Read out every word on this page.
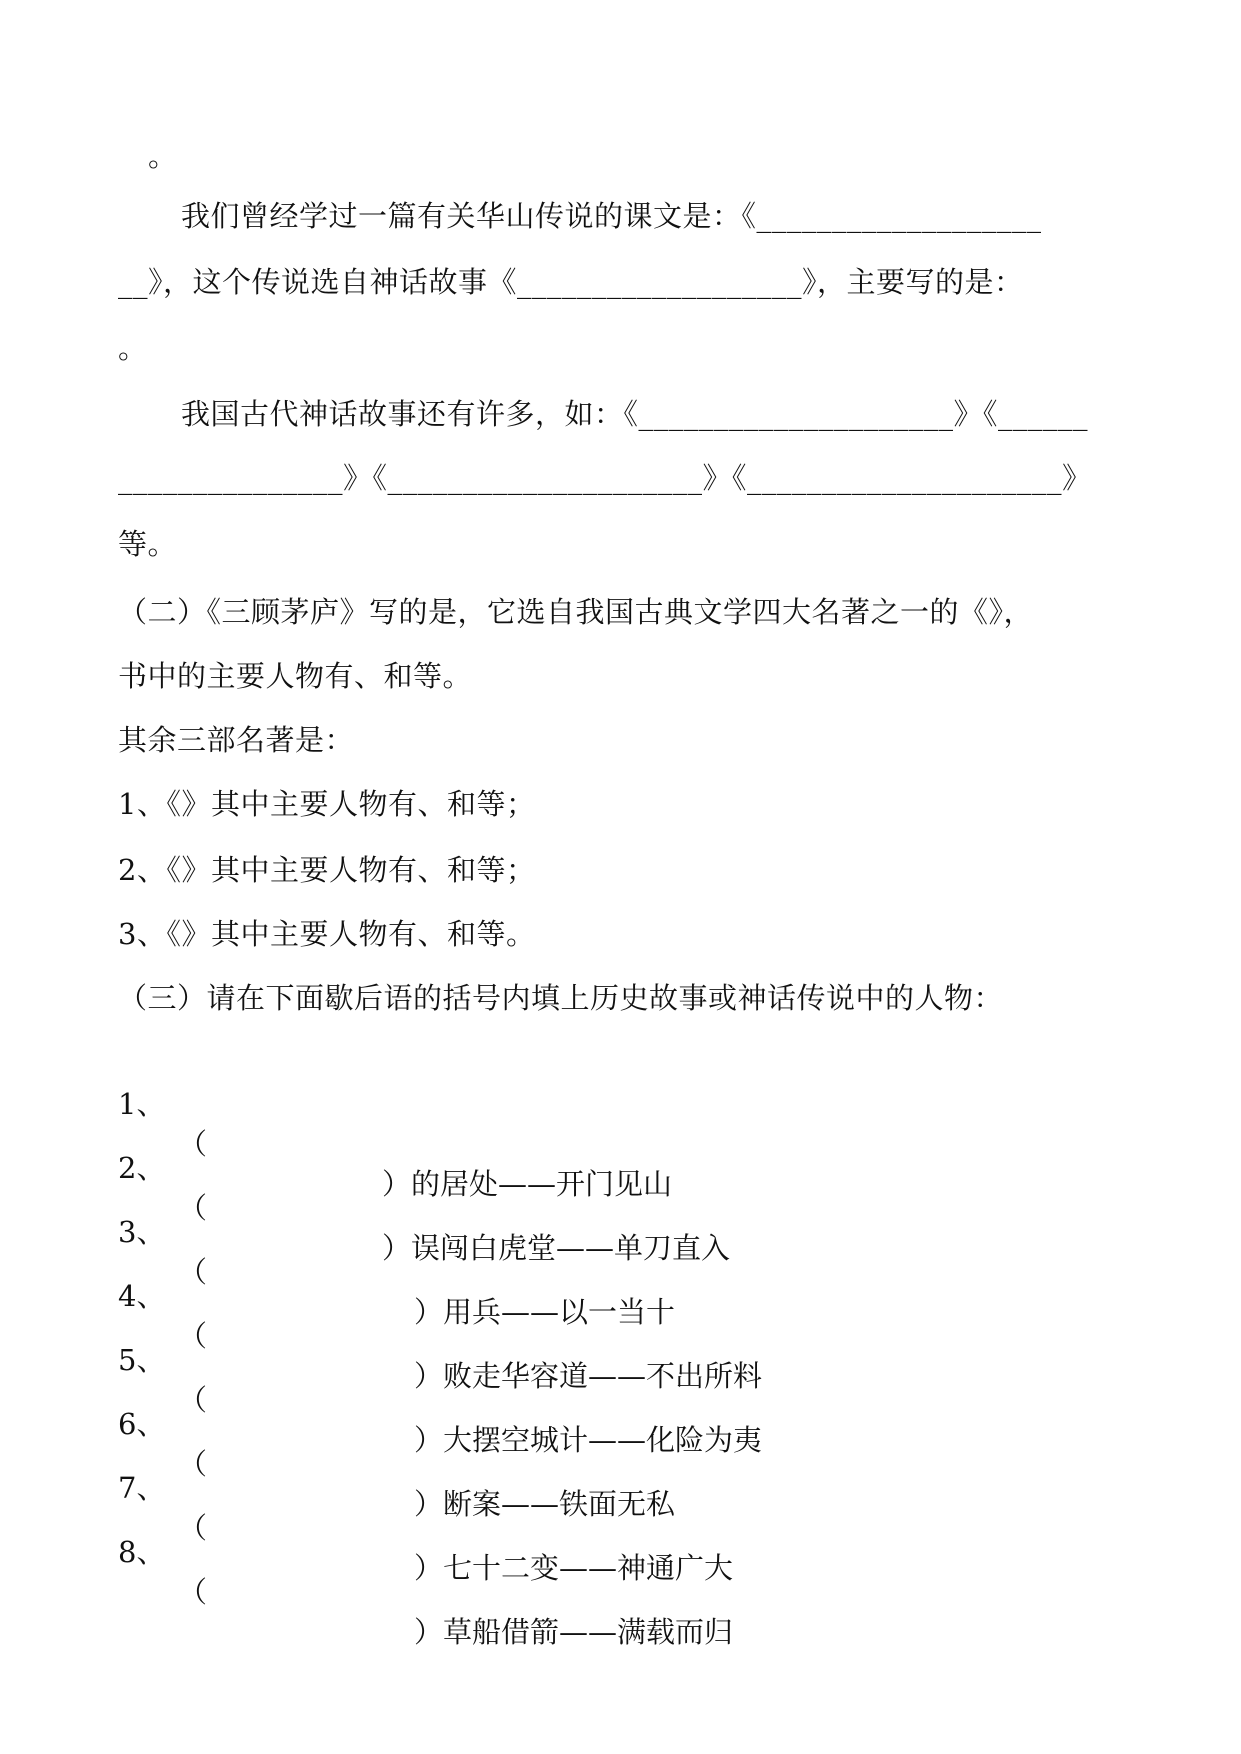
。
我们曾经学过一篇有关华山传说的课文是：《___________________
__》，这个传说选自神话故事《___________________》，主要写的是：
。
我国古代神话故事还有许多，如：《_____________________》《______
_______________》《_____________________》《_____________________》
等。
（二）《三顾茅庐》写的是，它选自我国古典文学四大名著之一的《》，
书中的主要人物有、和等。
其余三部名著是：
1、《》其中主要人物有、和等；
2、《》其中主要人物有、和等；
3、《》其中主要人物有、和等。
（三）请在下面歇后语的括号内填上历史故事或神话传说中的人物：

1、

（

）的居处——开门见山

2、

（

）误闯白虎堂——单刀直入

3、

（

）用兵——以一当十

4、

（

）败走华容道——不出所料

5、

（

）大摆空城计——化险为夷

6、

（

）断案——铁面无私

7、

（

）七十二变——神通广大

8、

（

）草船借箭——满载而归
